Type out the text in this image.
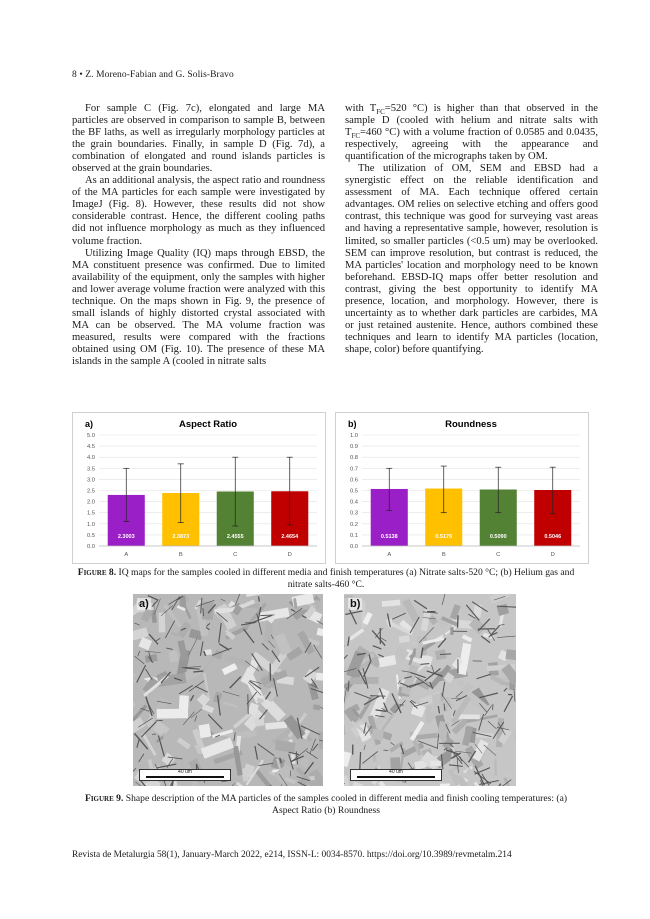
8 • Z. Moreno-Fabian and G. Solis-Bravo

For sample C (Fig. 7c), elongated and large MA particles are observed in comparison to sample B, between the BF laths, as well as irregularly morphology particles at the grain boundaries. Finally, in sample D (Fig. 7d), a combination of elongated and round islands particles is observed at the grain boundaries.

As an additional analysis, the aspect ratio and roundness of the MA particles for each sample were investigated by ImageJ (Fig. 8). However, these results did not show considerable contrast. Hence, the different cooling paths did not influence morphology as much as they influenced volume fraction.

Utilizing Image Quality (IQ) maps through EBSD, the MA constituent presence was confirmed. Due to limited availability of the equipment, only the samples with higher and lower average volume fraction were analyzed with this technique. On the maps shown in Fig. 9, the presence of small islands of highly distorted crystal associated with MA can be observed. The MA volume fraction was measured, results were compared with the fractions obtained using OM (Fig. 10). The presence of these MA islands in the sample A (cooled in nitrate salts

with $T_{FC}=520$ °C) is higher than that observed in the sample D (cooled with helium and nitrate salts with $T_{FC}=460$ °C) with a volume fraction of 0.0585 and 0.0435, respectively, agreeing with the appearance and quantification of the micrographs taken by OM.

The utilization of OM, SEM and EBSD had a synergistic effect on the reliable identification and assessment of MA. Each technique offered certain advantages. OM relies on selective etching and offers good contrast, this technique was good for surveying vast areas and having a representative sample, however, resolution is limited, so smaller particles (<0.5 um) may be overlooked. SEM can improve resolution, but contrast is reduced, the MA particles' location and morphology need to be known beforehand. EBSD-IQ maps offer better resolution and contrast, giving the best opportunity to identify MA presence, location, and morphology. However, there is uncertainty as to whether dark particles are carbides, MA or just retained austenite. Hence, authors combined these techniques and learn to identify MA particles (location, shape, color) before quantifying.

a)	Aspect Ratio
0.0
0.5
1.0
1.5
2.0
2.5
3.0
3.5
4.0
4.5
5.0
2.3003
A
2.3873
B
2.4555
C
2.4654
D
b)	Roundness
0.0
0.1
0.2
0.3
0.4
0.5
0.6
0.7
0.8
0.9
1.0
0.5138
A
0.5176
B
0.5090
C
0.5046
D
Figure 8. IQ maps for the samples cooled in different media and finish temperatures (a) Nitrate salts-520 °C; (b) Helium gas and nitrate salts-460 °C.
a)
40 um
b)
40 um
Figure 9. Shape description of the MA particles of the samples cooled in different media and finish cooling temperatures: (a) Aspect Ratio (b) Roundness
Revista de Metalurgia 58(1), January-March 2022, e214, ISSN-L: 0034-8570. https://doi.org/10.3989/revmetalm.214
